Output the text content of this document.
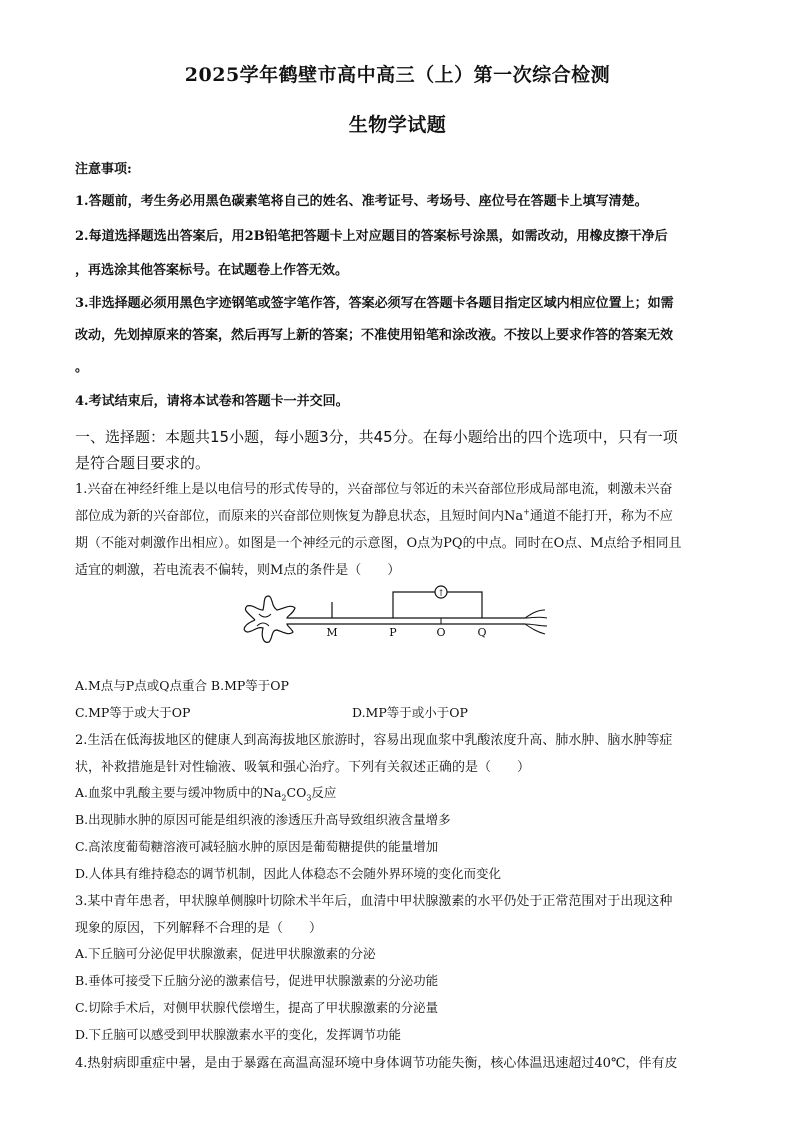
2025学年鹤壁市高中高三（上）第一次综合检测
生物学试题
注意事项:
1.答题前，考生务必用黑色碳素笔将自己的姓名、准考证号、考场号、座位号在答题卡上填写清楚。
2.每道选择题选出答案后，用2B铅笔把答题卡上对应题目的答案标号涂黑，如需改动，用橡皮擦干净后
，再选涂其他答案标号。在试题卷上作答无效。
3.非选择题必须用黑色字迹钢笔或签字笔作答，答案必须写在答题卡各题目指定区域内相应位置上；如需
改动，先划掉原来的答案，然后再写上新的答案；不准使用铅笔和涂改液。不按以上要求作答的答案无效
。
4.考试结束后，请将本试卷和答题卡一并交回。
一、选择题：本题共15小题，每小题3分，共45分。在每小题给出的四个选项中，只有一项
是符合题目要求的。
1.兴奋在神经纤维上是以电信号的形式传导的，兴奋部位与邻近的未兴奋部位形成局部电流，刺激未兴奋
部位成为新的兴奋部位，而原来的兴奋部位则恢复为静息状态，且短时间内Na+通道不能打开，称为不应
期（不能对刺激作出相应）。如图是一个神经元的示意图，O点为PQ的中点。同时在O点、M点给予相同且
适宜的刺激，若电流表不偏转，则M点的条件是（　　）
↑
M	P	O	Q
A.M点与P点或Q点重合 B.MP等于OP
C.MP等于或大于OP	D.MP等于或小于OP
2.生活在低海拔地区的健康人到高海拔地区旅游时，容易出现血浆中乳酸浓度升高、肺水肿、脑水肿等症
状，补救措施是针对性输液、吸氧和强心治疗。下列有关叙述正确的是（　　）
A.血浆中乳酸主要与缓冲物质中的$Na_2CO_3$反应
B.出现肺水肿的原因可能是组织液的渗透压升高导致组织液含量增多
C.高浓度葡萄糖溶液可减轻脑水肿的原因是葡萄糖提供的能量增加
D.人体具有维持稳态的调节机制，因此人体稳态不会随外界环境的变化而变化
3.某中青年患者，甲状腺单侧腺叶切除术半年后，血清中甲状腺激素的水平仍处于正常范围对于出现这种
现象的原因，下列解释不合理的是（　　）
A.下丘脑可分泌促甲状腺激素，促进甲状腺激素的分泌
B.垂体可接受下丘脑分泌的激素信号，促进甲状腺激素的分泌功能
C.切除手术后，对侧甲状腺代偿增生，提高了甲状腺激素的分泌量
D.下丘脑可以感受到甲状腺激素水平的变化，发挥调节功能
4.热射病即重症中暑，是由于暴露在高温高湿环境中身体调节功能失衡，核心体温迅速超过40℃，伴有皮
